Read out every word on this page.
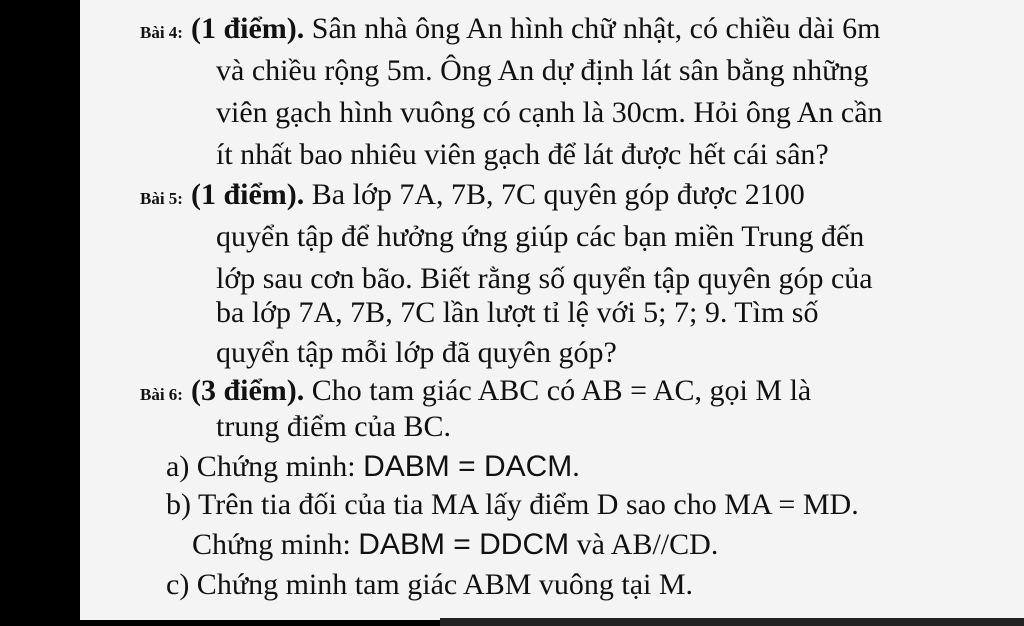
Bài 4: (1 điểm). Sân nhà ông An hình chữ nhật, có chiều dài 6m
và chiều rộng 5m. Ông An dự định lát sân bằng những
viên gạch hình vuông có cạnh là 30cm. Hỏi ông An cần
ít nhất bao nhiêu viên gạch để lát được hết cái sân?
Bài 5: (1 điểm). Ba lớp 7A, 7B, 7C quyên góp được 2100
quyển tập để hưởng ứng giúp các bạn miền Trung đến
lớp sau cơn bão. Biết rằng số quyển tập quyên góp của
ba lớp 7A, 7B, 7C lần lượt tỉ lệ với 5; 7; 9. Tìm số
quyển tập mỗi lớp đã quyên góp?
Bài 6: (3 điểm). Cho tam giác ABC có AB = AC, gọi M là
trung điểm của BC.
a) Chứng minh: DABM = DACM.
b) Trên tia đối của tia MA lấy điểm D sao cho MA = MD.
Chứng minh: DABM = DDCM và AB//CD.
c) Chứng minh tam giác ABM vuông tại M.
